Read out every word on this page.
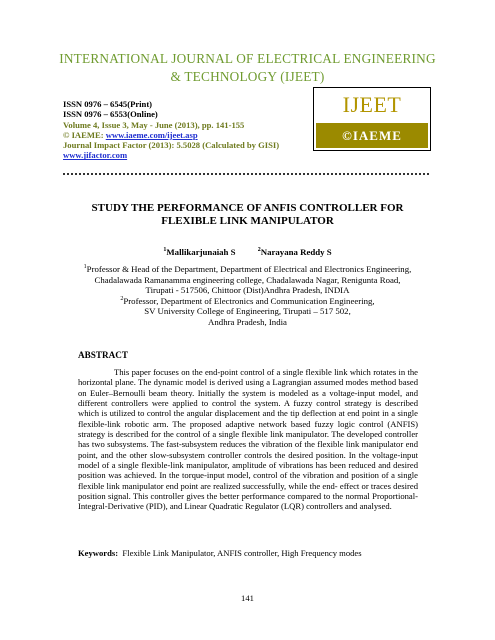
INTERNATIONAL JOURNAL OF ELECTRICAL ENGINEERING
& TECHNOLOGY (IJEET)
ISSN 0976 – 6545(Print)
ISSN 0976 – 6553(Online)
Volume 4, Issue 3, May - June (2013), pp. 141-155
© IAEME: www.iaeme.com/ijeet.asp
Journal Impact Factor (2013): 5.5028 (Calculated by GISI)
www.jifactor.com
IJEET
©IAEME
STUDY THE PERFORMANCE OF ANFIS CONTROLLER FOR
FLEXIBLE LINK MANIPULATOR
$^1$Mallikarjunaiah S	$^2$Narayana Reddy S
$^1$Professor & Head of the Department, Department of Electrical and Electronics Engineering,
Chadalawada Ramanamma engineering college, Chadalawada Nagar, Renigunta Road,
Tirupati - 517506, Chittoor (Dist)Andhra Pradesh, INDIA
$^2$Professor, Department of Electronics and Communication Engineering,
SV University College of Engineering, Tirupati – 517 502,
Andhra Pradesh, India
ABSTRACT
This paper focuses on the end-point control of a single flexible link which rotates in the horizontal plane. The dynamic model is derived using a Lagrangian assumed modes method based on Euler–Bernoulli beam theory. Initially the system is modeled as a voltage-input model, and different controllers were applied to control the system. A fuzzy control strategy is described which is utilized to control the angular displacement and the tip deflection at end point in a single flexible-link robotic arm. The proposed adaptive network based fuzzy logic control (ANFIS) strategy is described for the control of a single flexible link manipulator. The developed controller has two subsystems. The fast-subsystem reduces the vibration of the flexible link manipulator end point, and the other slow-subsystem controller controls the desired position. In the voltage-input model of a single flexible-link manipulator, amplitude of vibrations has been reduced and desired position was achieved. In the torque-input model, control of the vibration and position of a single flexible link manipulator end point are realized successfully, while the end- effect or traces desired position signal. This controller gives the better performance compared to the normal Proportional-Integral-Derivative (PID), and Linear Quadratic Regulator (LQR) controllers and analysed.
Keywords: Flexible Link Manipulator, ANFIS controller, High Frequency modes
141
